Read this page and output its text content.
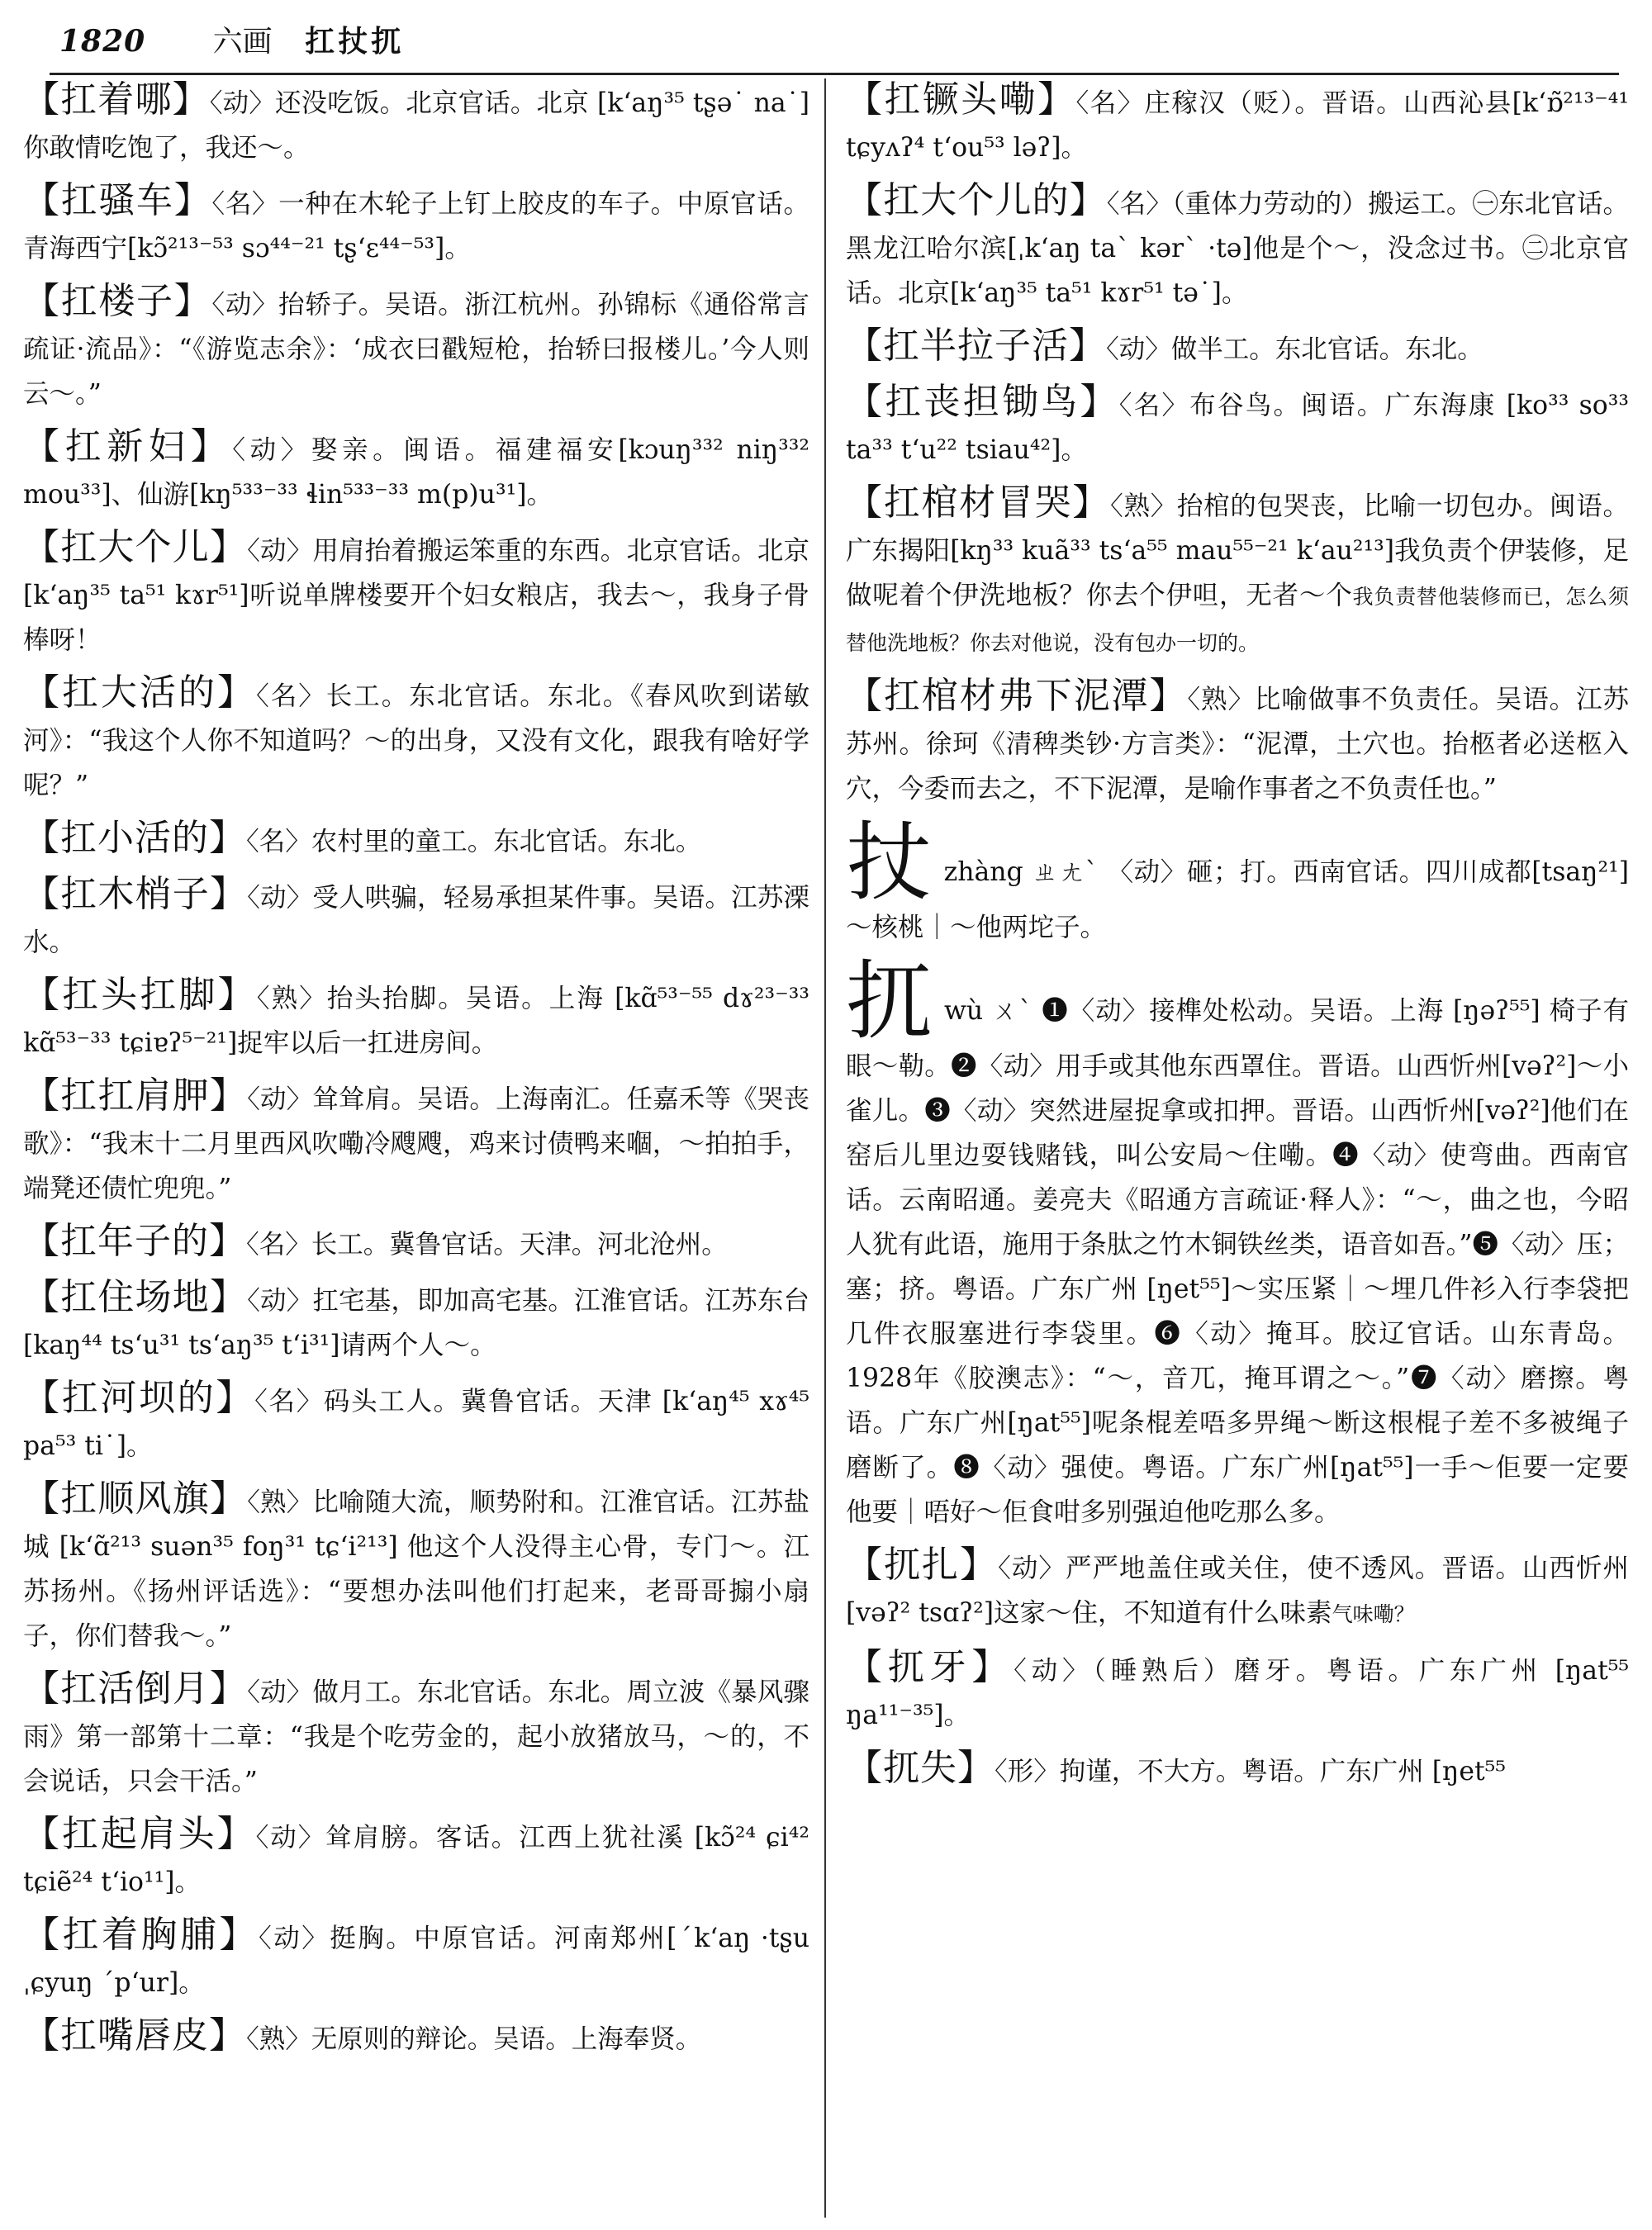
1820 六画 扛扙扤

【扛着哪】〈动〉还没吃饭。北京官话。北京 [kʻaŋ³⁵ tʂə˙ na˙]你敢情吃饱了，我还～。

【扛骚车】〈名〉一种在木轮子上钉上胶皮的车子。中原官话。青海西宁[kɔ̃²¹³⁻⁵³ sɔ⁴⁴⁻²¹ tʂʻɛ⁴⁴⁻⁵³]。

【扛楼子】〈动〉抬轿子。吴语。浙江杭州。孙锦标《通俗常言疏证·流品》：“《游览志余》：‘成衣曰戳短枪，抬轿曰报楼儿。’今人则云～。”

【扛新妇】〈动〉娶亲。闽语。福建福安[kɔuŋ³³² niŋ³³² mou³³]、仙游[kŋ⁵³³⁻³³ ɬin⁵³³⁻³³ m(p)u³¹]。

【扛大个儿】〈动〉用肩抬着搬运笨重的东西。北京官话。北京[kʻaŋ³⁵ ta⁵¹ kɤr⁵¹]听说单牌楼要开个妇女粮店，我去～，我身子骨棒呀！

【扛大活的】〈名〉长工。东北官话。东北。《春风吹到诺敏河》：“我这个人你不知道吗？～的出身，又没有文化，跟我有啥好学呢？”

【扛小活的】〈名〉农村里的童工。东北官话。东北。

【扛木梢子】〈动〉受人哄骗，轻易承担某件事。吴语。江苏溧水。

【扛头扛脚】〈熟〉抬头抬脚。吴语。上海 [kɑ̃⁵³⁻⁵⁵ dɤ²³⁻³³ kɑ̃⁵³⁻³³ tɕiɐʔ⁵⁻²¹]捉牢以后一扛进房间。

【扛扛肩胛】〈动〉耸耸肩。吴语。上海南汇。任嘉禾等《哭丧歌》：“我末十二月里西风吹嘞冷飕飕，鸡来讨债鸭来嗰，～拍拍手，端凳还债忙兜兜。”

【扛年子的】〈名〉长工。冀鲁官话。天津。河北沧州。

【扛住场地】〈动〉扛宅基，即加高宅基。江淮官话。江苏东台[kaŋ⁴⁴ tsʻu³¹ tsʻaŋ³⁵ tʻi³¹]请两个人～。

【扛河坝的】〈名〉码头工人。冀鲁官话。天津 [kʻaŋ⁴⁵ xɤ⁴⁵ pa⁵³ ti˙]。

【扛顺风旗】〈熟〉比喻随大流，顺势附和。江淮官话。江苏盐城 [kʻɑ̃²¹³ suən³⁵ foŋ³¹ tɕʻi²¹³] 他这个人没得主心骨，专门～。江苏扬州。《扬州评话选》：“要想办法叫他们打起来，老哥哥搧小扇子，你们替我～。”

【扛活倒月】〈动〉做月工。东北官话。东北。周立波《暴风骤雨》第一部第十二章：“我是个吃劳金的，起小放猪放马，～的，不会说话，只会干活。”

【扛起肩头】〈动〉耸肩膀。客话。江西上犹社溪 [kɔ̃²⁴ ɕi⁴² tɕiẽ²⁴ tʻio¹¹]。

【扛着胸脯】〈动〉挺胸。中原官话。河南郑州[ˊkʻaŋ ·tʂu ˌɕyuŋ ˊpʻur]。

【扛嘴唇皮】〈熟〉无原则的辩论。吴语。上海奉贤。

【扛镢头嘞】〈名〉庄稼汉（贬）。晋语。山西沁县[kʻɒ̃²¹³⁻⁴¹ tɕyʌʔ⁴ tʻou⁵³ ləʔ]。

【扛大个儿的】〈名〉（重体力劳动的）搬运工。㊀东北官话。黑龙江哈尔滨[ˌkʻaŋ taˋ kərˋ ·tə]他是个～，没念过书。㊁北京官话。北京[kʻaŋ³⁵ ta⁵¹ kɤr⁵¹ tə˙]。

【扛半拉子活】〈动〉做半工。东北官话。东北。

【扛丧担锄鸟】〈名〉布谷鸟。闽语。广东海康 [ko³³ so³³ ta³³ tʻu²² tsiau⁴²]。

【扛棺材冒哭】〈熟〉抬棺的包哭丧，比喻一切包办。闽语。广东揭阳[kŋ³³ kuã³³ tsʻa⁵⁵ mau⁵⁵⁻²¹ kʻau²¹³]我负责个伊装修，足做呢着个伊洗地板？你去个伊呾，无者～个我负责替他装修而已，怎么须替他洗地板？你去对他说，没有包办一切的。

【扛棺材弗下泥潭】〈熟〉比喻做事不负责任。吴语。江苏苏州。徐珂《清稗类钞·方言类》：“泥潭，土穴也。抬柩者必送柩入穴，今委而去之，不下泥潭，是喻作事者之不负责任也。”

扙zhàng ㄓㄤˋ 〈动〉砸；打。西南官话。四川成都[tsaŋ²¹]～核桃｜～他两坨子。

扤wù ㄨˋ ❶〈动〉接榫处松动。吴语。上海 [ŋəʔ⁵⁵] 椅子有眼～勒。❷〈动〉用手或其他东西罩住。晋语。山西忻州[vəʔ²]～小雀儿。❸〈动〉突然进屋捉拿或扣押。晋语。山西忻州[vəʔ²]他们在窑后儿里边耍钱赌钱，叫公安局～住嘞。❹〈动〉使弯曲。西南官话。云南昭通。姜亮夫《昭通方言疏证·释人》：“～，曲之也，今昭人犹有此语，施用于条肽之竹木铜铁丝类，语音如吾。”❺〈动〉压；塞；挤。粤语。广东广州 [ŋet⁵⁵]～实压紧｜～埋几件衫入行李袋把几件衣服塞进行李袋里。❻〈动〉掩耳。胶辽官话。山东青岛。1928年《胶澳志》：“～，音兀，掩耳谓之～。”❼〈动〉磨擦。粤语。广东广州[ŋat⁵⁵]呢条棍差唔多畀绳～断这根棍子差不多被绳子磨断了。❽〈动〉强使。粤语。广东广州[ŋat⁵⁵]一手～佢要一定要他要｜唔好～佢食咁多别强迫他吃那么多。

【扤扎】〈动〉严严地盖住或关住，使不透风。晋语。山西忻州[vəʔ² tsɑʔ²]这家～住，不知道有什么味素气味嘞？

【扤牙】〈动〉（睡熟后）磨牙。粤语。广东广州 [ŋat⁵⁵ ŋa¹¹⁻³⁵]。

【扤失】〈形〉拘谨，不大方。粤语。广东广州 [ŋet⁵⁵
